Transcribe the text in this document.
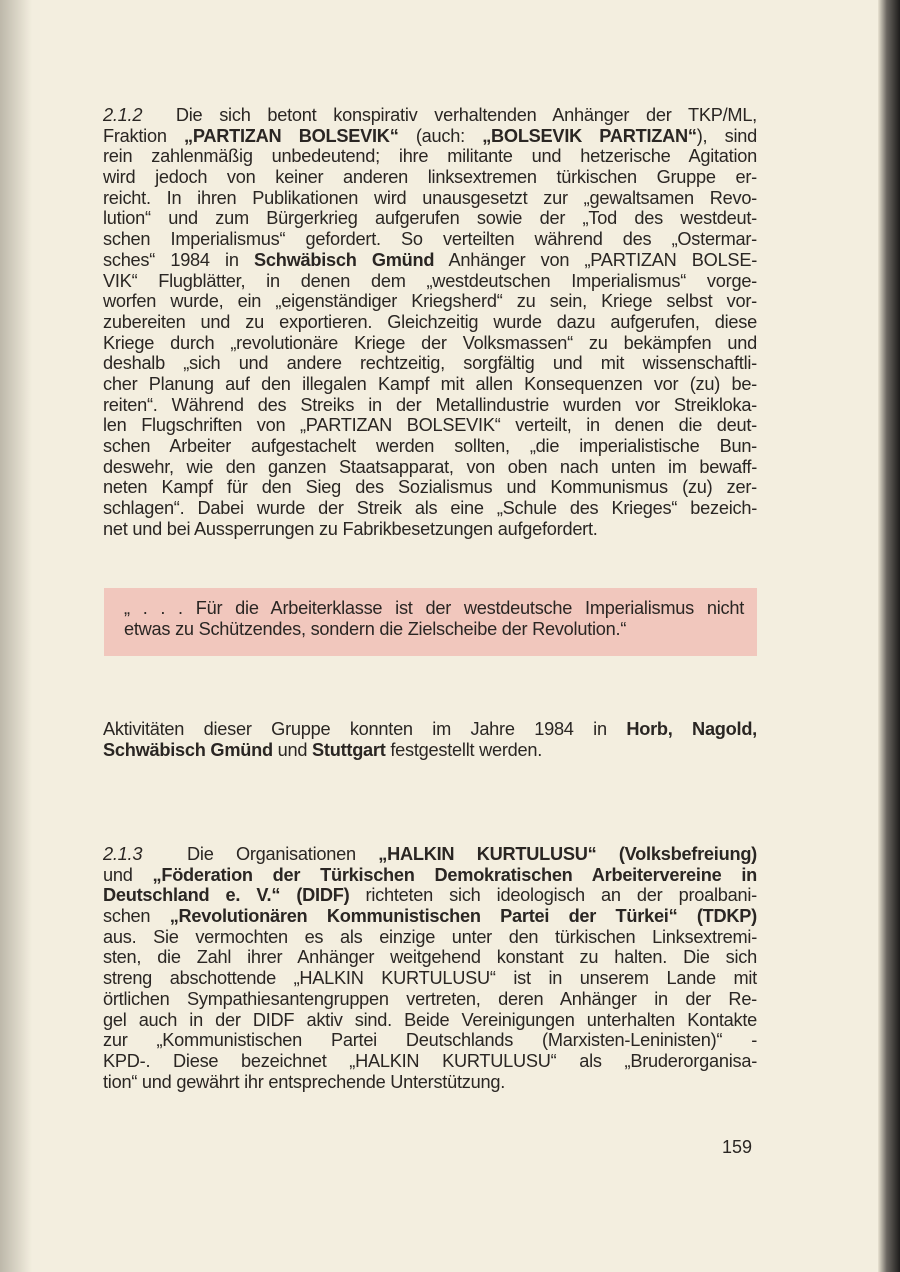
2.1.2  Die sich betont konspirativ verhaltenden Anhänger der TKP/ML,
Fraktion „PARTIZAN BOLSEVIK“ (auch: „BOLSEVIK PARTIZAN“), sind
rein zahlenmäßig unbedeutend; ihre militante und hetzerische Agitation
wird jedoch von keiner anderen linksextremen türkischen Gruppe er-
reicht. In ihren Publikationen wird unausgesetzt zur „gewaltsamen Revo-
lution“ und zum Bürgerkrieg aufgerufen sowie der „Tod des westdeut-
schen Imperialismus“ gefordert. So verteilten während des „Ostermar-
sches“ 1984 in Schwäbisch Gmünd Anhänger von „PARTIZAN BOLSE-
VIK“ Flugblätter, in denen dem „westdeutschen Imperialismus“ vorge-
worfen wurde, ein „eigenständiger Kriegsherd“ zu sein, Kriege selbst vor-
zubereiten und zu exportieren. Gleichzeitig wurde dazu aufgerufen, diese
Kriege durch „revolutionäre Kriege der Volksmassen“ zu bekämpfen und
deshalb „sich und andere rechtzeitig, sorgfältig und mit wissenschaftli-
cher Planung auf den illegalen Kampf mit allen Konsequenzen vor (zu) be-
reiten“. Während des Streiks in der Metallindustrie wurden vor Streikloka-
len Flugschriften von „PARTIZAN BOLSEVIK“ verteilt, in denen die deut-
schen Arbeiter aufgestachelt werden sollten, „die imperialistische Bun-
deswehr, wie den ganzen Staatsapparat, von oben nach unten im bewaff-
neten Kampf für den Sieg des Sozialismus und Kommunismus (zu) zer-
schlagen“. Dabei wurde der Streik als eine „Schule des Krieges“ bezeich-
net und bei Aussperrungen zu Fabrikbesetzungen aufgefordert.
„ . . . Für die Arbeiterklasse ist der westdeutsche Imperialismus nicht
etwas zu Schützendes, sondern die Zielscheibe der Revolution.“
Aktivitäten dieser Gruppe konnten im Jahre 1984 in Horb, Nagold,
Schwäbisch Gmünd und Stuttgart festgestellt werden.
2.1.3  Die Organisationen „HALKIN KURTULUSU“ (Volksbefreiung)
und „Föderation der Türkischen Demokratischen Arbeitervereine in
Deutschland e. V.“ (DIDF) richteten sich ideologisch an der proalbani-
schen „Revolutionären Kommunistischen Partei der Türkei“ (TDKP)
aus. Sie vermochten es als einzige unter den türkischen Linksextremi-
sten, die Zahl ihrer Anhänger weitgehend konstant zu halten. Die sich
streng abschottende „HALKIN KURTULUSU“ ist in unserem Lande mit
örtlichen Sympathiesantengruppen vertreten, deren Anhänger in der Re-
gel auch in der DIDF aktiv sind. Beide Vereinigungen unterhalten Kontakte
zur „Kommunistischen Partei Deutschlands (Marxisten-Leninisten)“ -
KPD-. Diese bezeichnet „HALKIN KURTULUSU“ als „Bruderorganisa-
tion“ und gewährt ihr entsprechende Unterstützung.
159
